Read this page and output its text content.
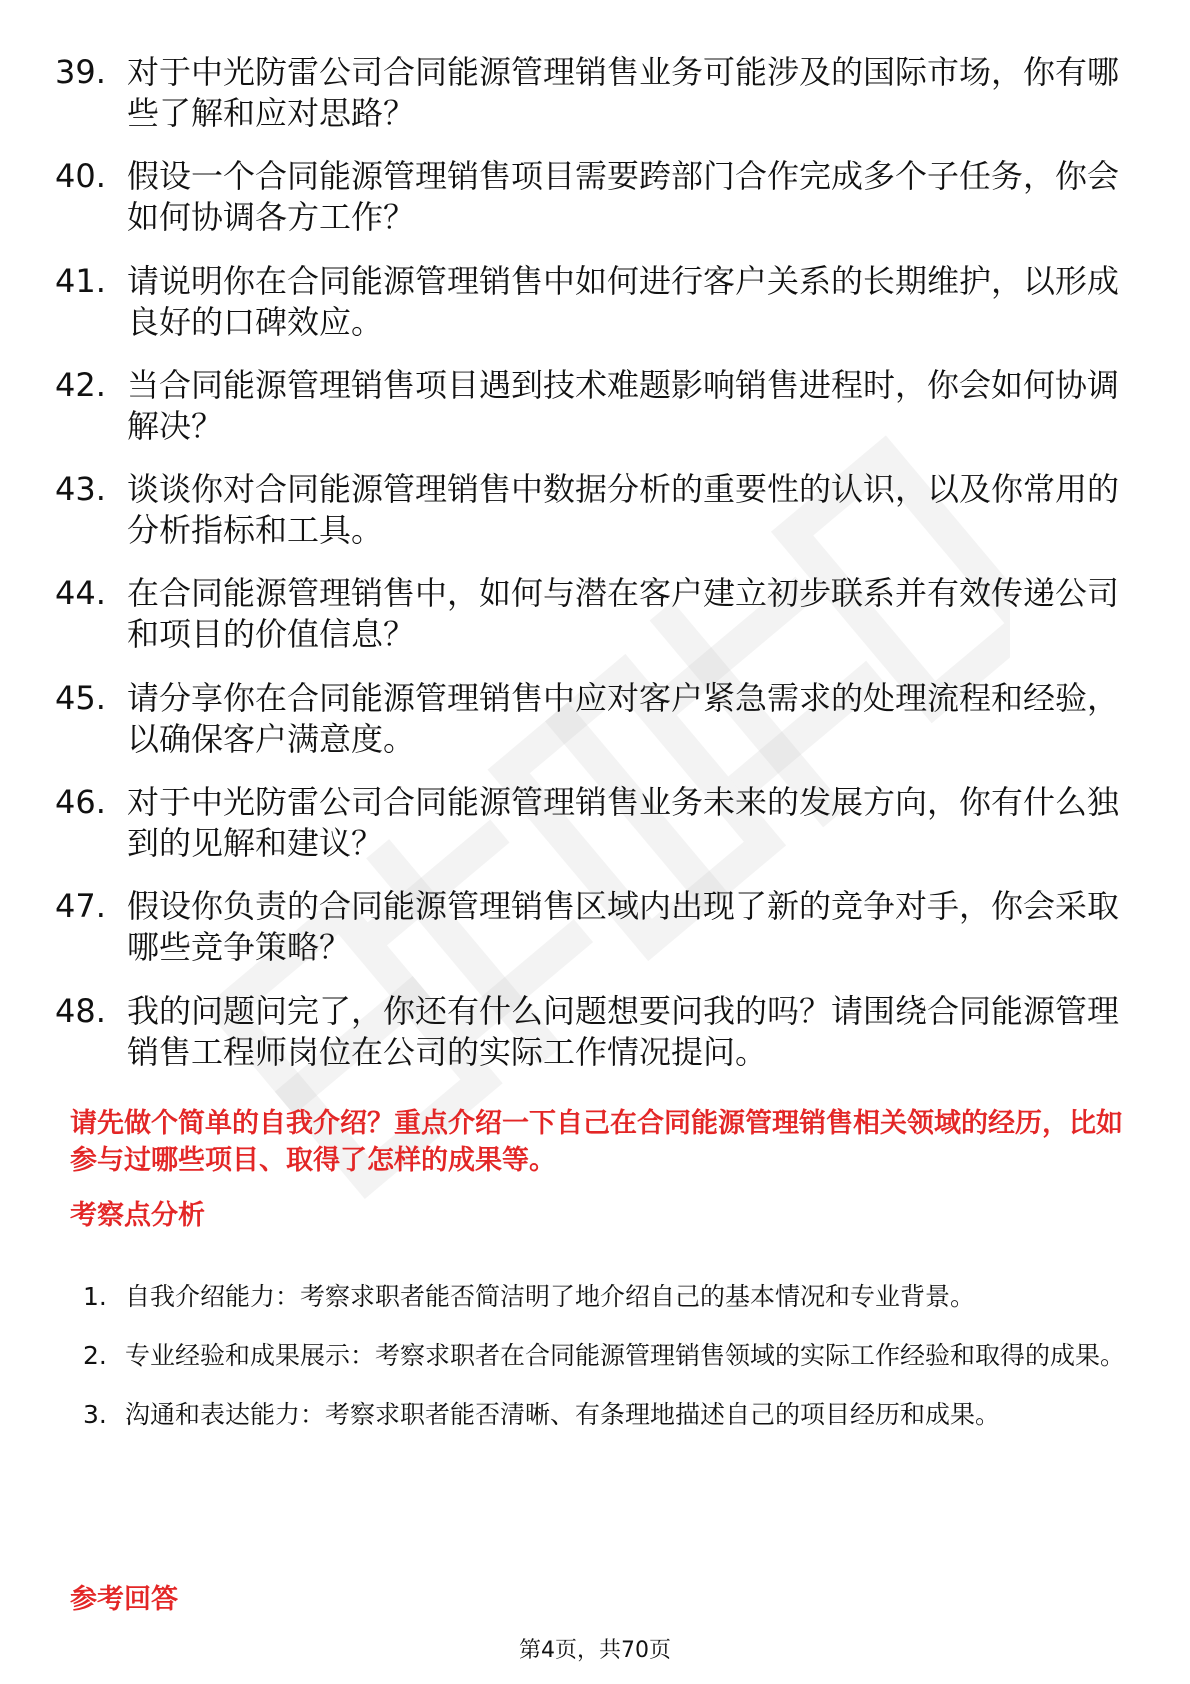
39. 对于中光防雷公司合同能源管理销售业务可能涉及的国际市场，你有哪些了解和应对思路？
40. 假设一个合同能源管理销售项目需要跨部门合作完成多个子任务，你会如何协调各方工作？
41. 请说明你在合同能源管理销售中如何进行客户关系的长期维护，以形成良好的口碑效应。
42. 当合同能源管理销售项目遇到技术难题影响销售进程时，你会如何协调解决？
43. 谈谈你对合同能源管理销售中数据分析的重要性的认识，以及你常用的分析指标和工具。
44. 在合同能源管理销售中，如何与潜在客户建立初步联系并有效传递公司和项目的价值信息？
45. 请分享你在合同能源管理销售中应对客户紧急需求的处理流程和经验，以确保客户满意度。
46. 对于中光防雷公司合同能源管理销售业务未来的发展方向，你有什么独到的见解和建议？
47. 假设你负责的合同能源管理销售区域内出现了新的竞争对手，你会采取哪些竞争策略？
48. 我的问题问完了，你还有什么问题想要问我的吗？请围绕合同能源管理销售工程师岗位在公司的实际工作情况提问。

请先做个简单的自我介绍？重点介绍一下自己在合同能源管理销售相关领域的经历，比如参与过哪些项目、取得了怎样的成果等。

考察点分析
1. 自我介绍能力：考察求职者能否简洁明了地介绍自己的基本情况和专业背景。
2. 专业经验和成果展示：考察求职者在合同能源管理销售领域的实际工作经验和取得的成果。
3. 沟通和表达能力：考察求职者能否清晰、有条理地描述自己的项目经历和成果。
参考回答
第4页，共70页
